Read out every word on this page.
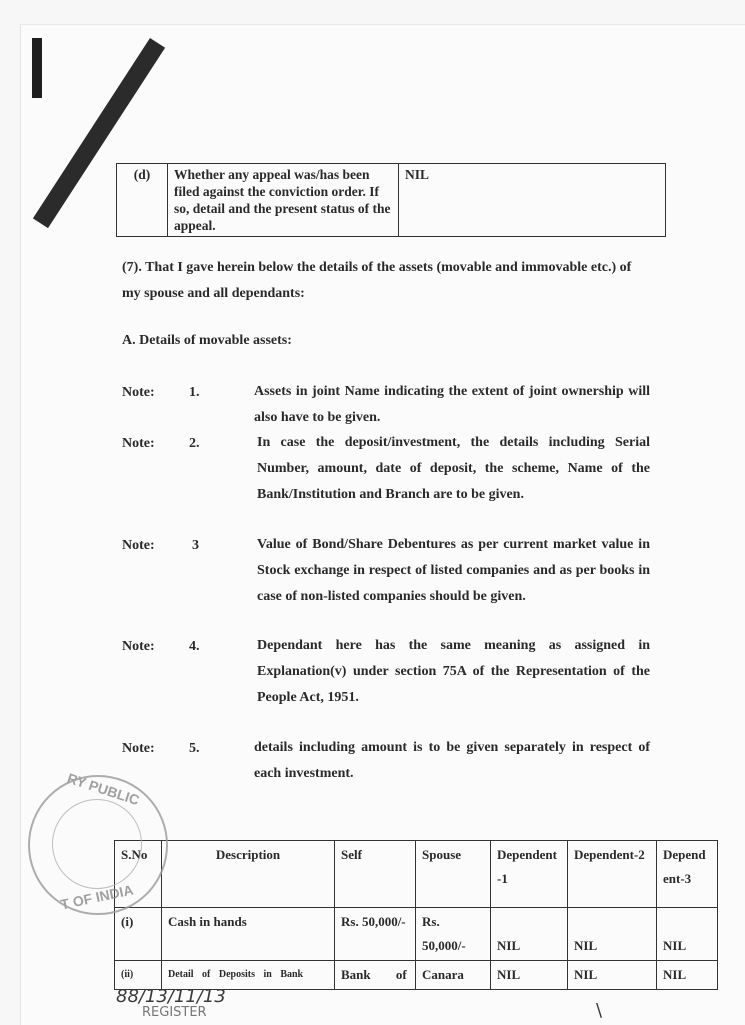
(d)	Whether any appeal was/has been filed against the conviction order. If so, detail and the present status of the appeal.	NIL
(7). That I gave herein below the details of the assets (movable and immovable etc.) of my spouse and all dependants:
A. Details of movable assets:
Note: 1.	Assets in joint Name indicating the extent of joint ownership will also have to be given.
Note: 2.	In case the deposit/investment, the details including Serial Number, amount, date of deposit, the scheme, Name of the Bank/Institution and Branch are to be given.
Note:	3	Value of Bond/Share Debentures as per current market value in Stock exchange in respect of listed companies and as per books in case of non-listed companies should be given.
Note: 4.	Dependant here has the same meaning as assigned in Explanation(v) under section 75A of the Representation of the People Act, 1951.
Note: 5.	details including amount is to be given separately in respect of each investment.
S.No	Description	Self	Spouse	Dependent -1	Dependent-2	Depend ent-3
(i)	Cash in hands	Rs. 50,000/-	Rs. 50,000/-	NIL	NIL	NIL
(ii)	Detail of Deposits in Bank	Bank of	Canara	NIL	NIL	NIL
RY PUBLIC
T OF INDIA
88/13/11/13
REGISTER	\
